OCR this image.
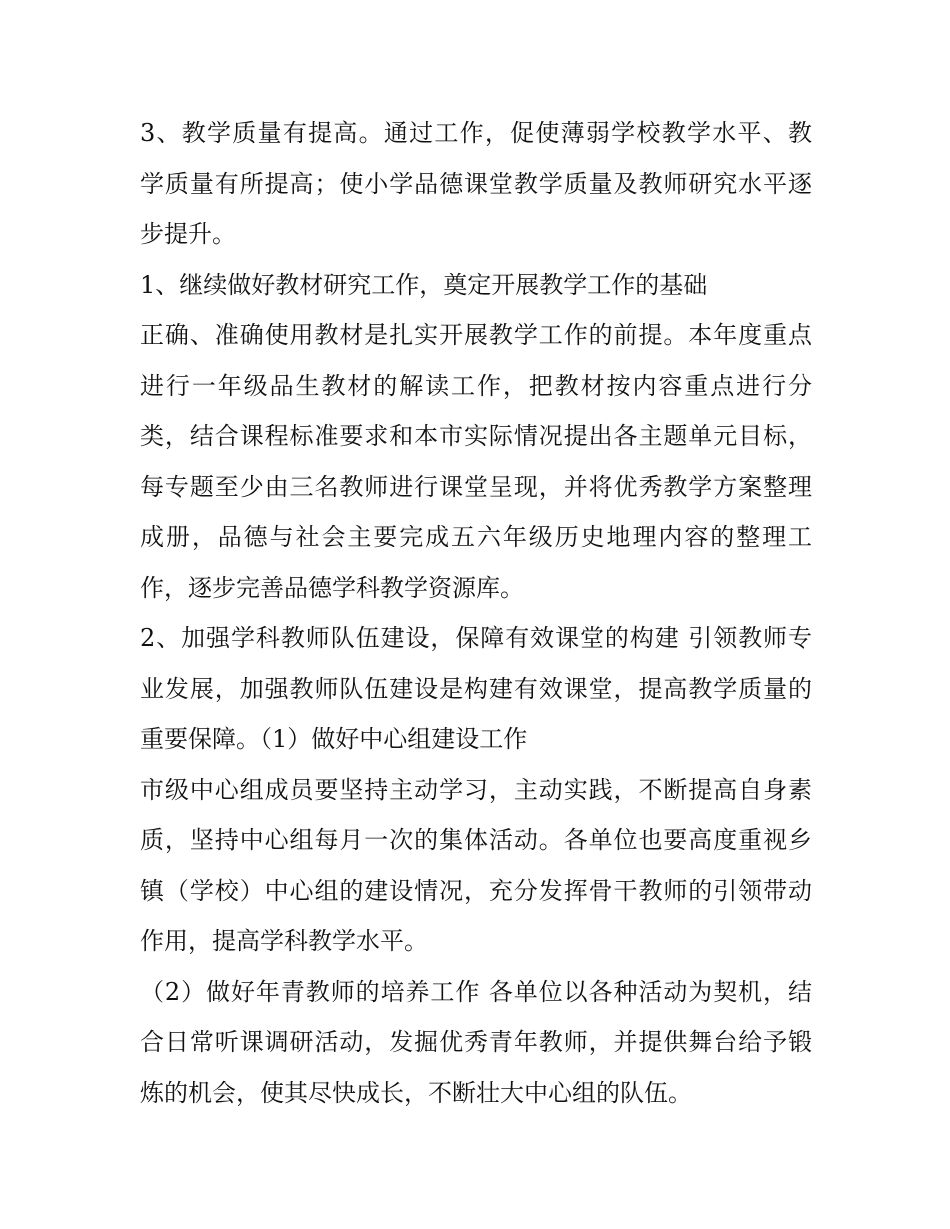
3、教学质量有提高。通过工作，促使薄弱学校教学水平、教
学质量有所提高；使小学品德课堂教学质量及教师研究水平逐
步提升。
1、继续做好教材研究工作，奠定开展教学工作的基础
正确、准确使用教材是扎实开展教学工作的前提。本年度重点
进行一年级品生教材的解读工作，把教材按内容重点进行分
类，结合课程标准要求和本市实际情况提出各主题单元目标，
每专题至少由三名教师进行课堂呈现，并将优秀教学方案整理
成册，品德与社会主要完成五六年级历史地理内容的整理工
作，逐步完善品德学科教学资源库。
2、加强学科教师队伍建设，保障有效课堂的构建 引领教师专
业发展，加强教师队伍建设是构建有效课堂，提高教学质量的
重要保障。（1）做好中心组建设工作
市级中心组成员要坚持主动学习，主动实践，不断提高自身素
质，坚持中心组每月一次的集体活动。各单位也要高度重视乡
镇（学校）中心组的建设情况，充分发挥骨干教师的引领带动
作用，提高学科教学水平。
（2）做好年青教师的培养工作 各单位以各种活动为契机，结
合日常听课调研活动，发掘优秀青年教师，并提供舞台给予锻
炼的机会，使其尽快成长，不断壮大中心组的队伍。
